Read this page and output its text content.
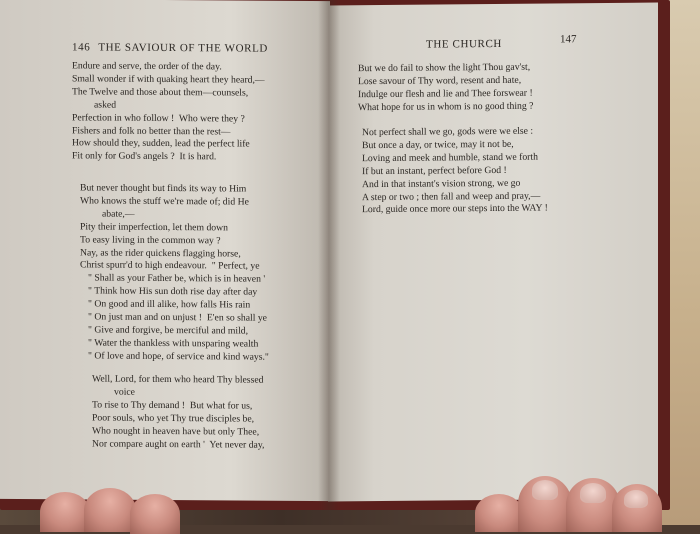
146 THE SAVIOUR OF THE WORLD
Endure and serve, the order of the day.
Small wonder if with quaking heart they heard,—
The Twelve and those about them—counsels,
asked
Perfection in who follow !  Who were they ?
Fishers and folk no better than the rest—
How should they, sudden, lead the perfect life
Fit only for God's angels ?  It is hard.
But never thought but finds its way to Him
Who knows the stuff we're made of; did He
abate,—
Pity their imperfection, let them down
To easy living in the common way ?
Nay, as the rider quickens flagging horse,
Christ spurr'd to high endeavour.  " Perfect, ye
" Shall as your Father be, which is in heaven '
" Think how His sun doth rise day after day
" On good and ill alike, how falls His rain
" On just man and on unjust !  E'en so shall ye
" Give and forgive, be merciful and mild,
" Water the thankless with unsparing wealth
" Of love and hope, of service and kind ways."
Well, Lord, for them who heard Thy blessed
voice
To rise to Thy demand !  But what for us,
Poor souls, who yet Thy true disciples be,
Who nought in heaven have but only Thee,
Nor compare aught on earth '  Yet never day,
THE CHURCH	147
But we do fail to show the light Thou gav'st,
Lose savour of Thy word, resent and hate,
Indulge our flesh and lie and Thee forswear !
What hope for us in whom is no good thing ?
Not perfect shall we go, gods were we else :
But once a day, or twice, may it not be,
Loving and meek and humble, stand we forth
If but an instant, perfect before God !
And in that instant's vision strong, we go
A step or two ; then fall and weep and pray,—
Lord, guide once more our steps into the WAY !
